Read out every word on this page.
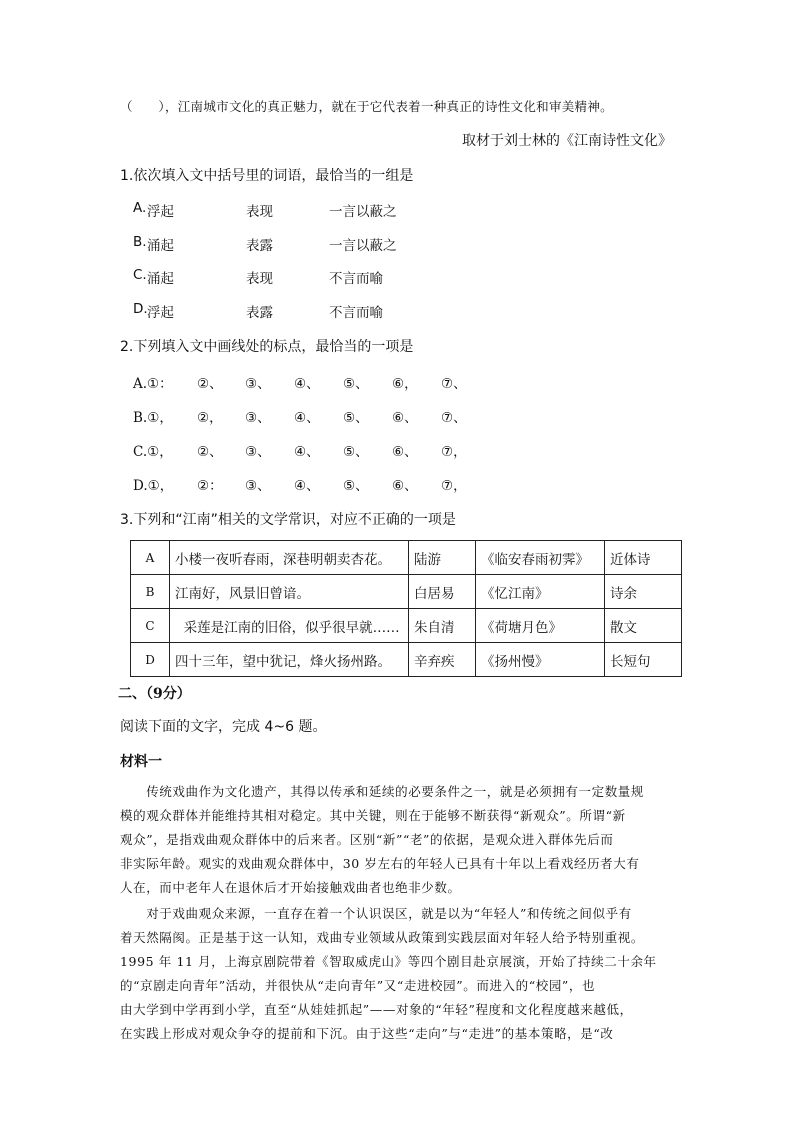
（　　），江南城市文化的真正魅力，就在于它代表着一种真正的诗性文化和审美精神。
取材于刘士林的《江南诗性文化》
1.依次填入文中括号里的词语，最恰当的一组是
A. 浮起	表现	一言以蔽之
B. 涌起	表露	一言以蔽之
C. 涌起	表现	不言而喻
D. 浮起	表露	不言而喻
2.下列填入文中画线处的标点，最恰当的一项是
A.①： ②、 ③、 ④、 ⑤、 ⑥， ⑦、
B.①， ②， ③、 ④、 ⑤、 ⑥、 ⑦、
C.①， ②、 ③、 ④、 ⑤、 ⑥、 ⑦，
D.①， ②： ③、 ④、 ⑤、 ⑥、 ⑦，
3.下列和“江南”相关的文学常识，对应不正确的一项是
A	小楼一夜听春雨，深巷明朝卖杏花。	陆游	《临安春雨初霁》	近体诗
B	江南好，风景旧曾谙。	白居易	《忆江南》	诗余
C	采莲是江南的旧俗，似乎很早就……	朱自清	《荷塘月色》	散文
D	四十三年，望中犹记，烽火扬州路。	辛弃疾	《扬州慢》	长短句
二、（9分）
阅读下面的文字，完成 4~6 题。
材料一

　　传统戏曲作为文化遗产，其得以传承和延续的必要条件之一，就是必须拥有一定数量规

模的观众群体并能维持其相对稳定。其中关键，则在于能够不断获得“新观众”。所谓“新

观众”，是指戏曲观众群体中的后来者。区别“新”“老”的依据，是观众进入群体先后而

非实际年龄。观实的戏曲观众群体中，30 岁左右的年轻人已具有十年以上看戏经历者大有

人在，而中老年人在退休后才开始接触戏曲者也绝非少数。

　　对于戏曲观众来源，一直存在着一个认识误区，就是以为“年轻人”和传统之间似乎有

着天然隔阂。正是基于这一认知，戏曲专业领域从政策到实践层面对年轻人给予特别重视。

1995 年 11 月，上海京剧院带着《智取威虎山》等四个剧目赴京展演，开始了持续二十余年

的“京剧走向青年”活动，并很快从“走向青年”又“走进校园”。而进入的“校园”，也

由大学到中学再到小学，直至“从娃娃抓起”——对象的“年轻”程度和文化程度越来越低，

在实践上形成对观众争夺的提前和下沉。由于这些“走向”与“走进”的基本策略，是“改
